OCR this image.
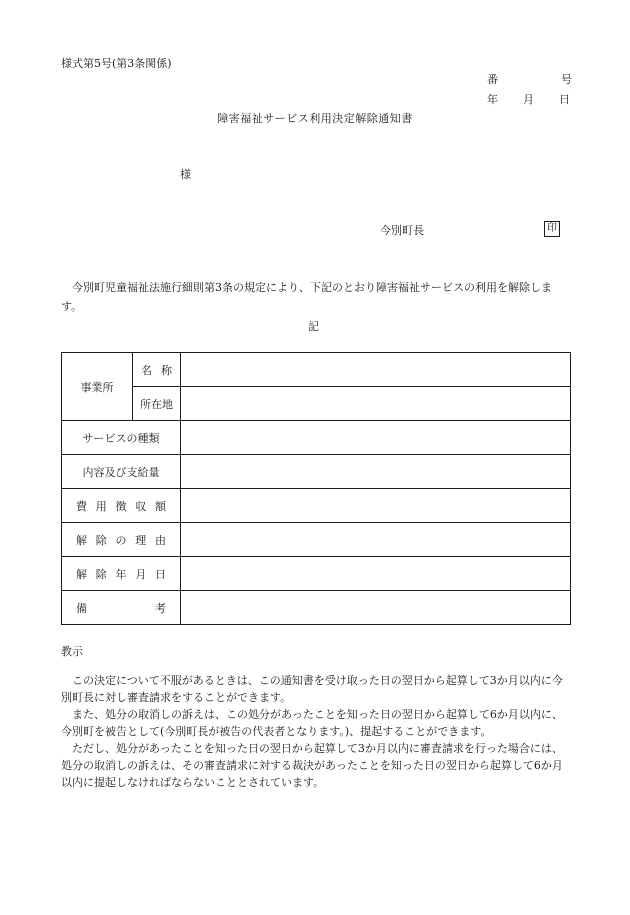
様式第5号(第3条関係)
番	号
年 月 日
障害福祉サービス利用決定解除通知書
様
今別町長	印
今別町児童福祉法施行細則第3条の規定により、下記のとおり障害福祉サービスの利用を解除します。
記
事業所	名 称	

	所在地	
サービスの種類		
内容及び支給量		

費 用 徴 収 額		

解 除 の 理 由		

解 除 年 月 日		

備 考		

教示
この決定について不服があるときは、この通知書を受け取った日の翌日から起算して3か月以内に今別町長に対し審査請求をすることができます。
また、処分の取消しの訴えは、この処分があったことを知った日の翌日から起算して6か月以内に、今別町を被告として(今別町長が被告の代表者となります。)、提起することができます。
ただし、処分があったことを知った日の翌日から起算して3か月以内に審査請求を行った場合には、処分の取消しの訴えは、その審査請求に対する裁決があったことを知った日の翌日から起算して6か月以内に提起しなければならないこととされています。
